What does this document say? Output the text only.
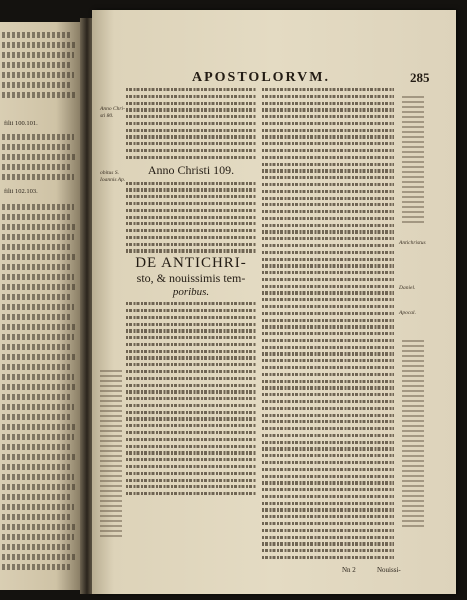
filii 100.101.
filii 102.103.
APOSTOLORVM.	285
Anno Chri-
sti 80.
obitus S.
Ioannis Ap.
Anno Christi 109.
DE ANTICHRI-
sto, & nouissimis tem-
poribus.
Antichristus
Daniel.
Apocal.
Nn 2	Nouissi-
